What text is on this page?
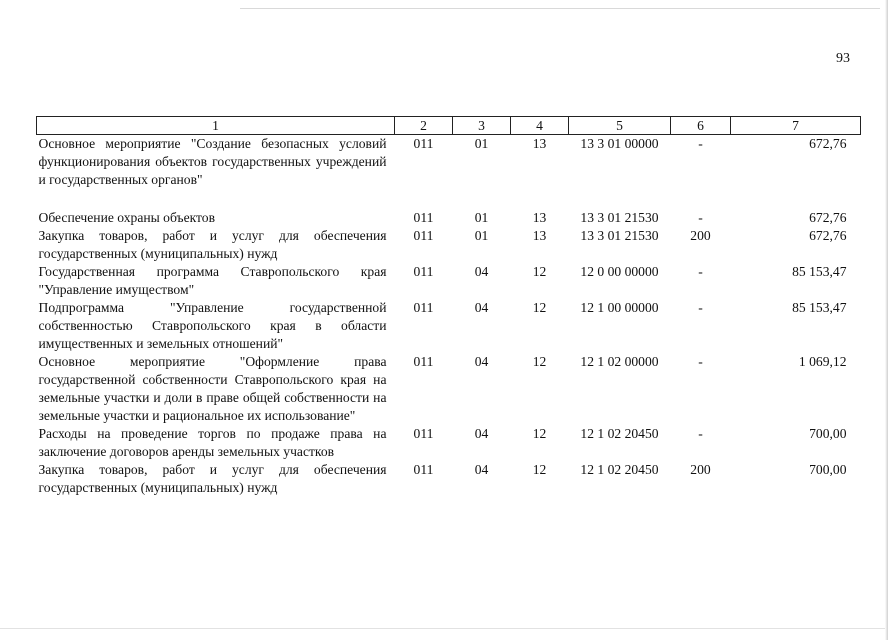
93
1	2	3	4	5	6	7
Основное мероприятие "Создание безопасных условий функционирования объектов государственных учреждений и государственных органов"	011	01	13	13 3 01 00000	-	672,76
Обеспечение охраны объектов	011	01	13	13 3 01 21530	-	672,76
Закупка товаров, работ и услуг для обеспечения государственных (муниципальных) нужд	011	01	13	13 3 01 21530	200	672,76
Государственная программа Ставропольского края "Управление имуществом"	011	04	12	12 0 00 00000	-	85 153,47
Подпрограмма "Управление государственной собственностью Ставропольского края в области имущественных и земельных отношений"	011	04	12	12 1 00 00000	-	85 153,47
Основное мероприятие "Оформление права государственной собственности Ставропольского края на земельные участки и доли в праве общей собственности на земельные участки и рациональное их использование"	011	04	12	12 1 02 00000	-	1 069,12
Расходы на проведение торгов по продаже права на заключение договоров аренды земельных участков	011	04	12	12 1 02 20450	-	700,00
Закупка товаров, работ и услуг для обеспечения государственных (муниципальных) нужд	011	04	12	12 1 02 20450	200	700,00
